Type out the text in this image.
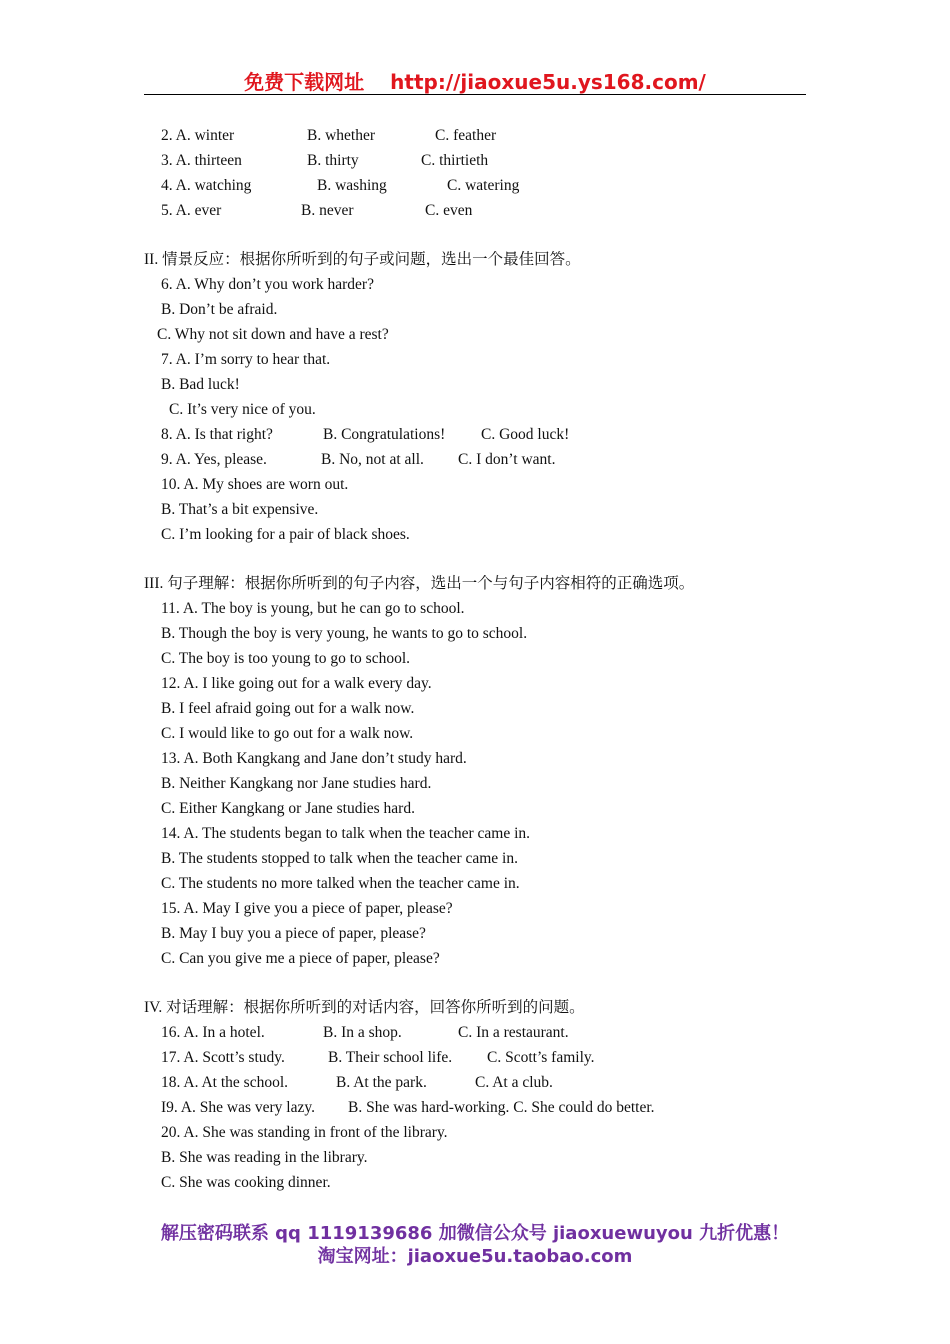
免费下载网址 http://jiaoxue5u.ys168.com/
2. A. winter	B. whether	C. feather
3. A. thirteen	B. thirty	C. thirtieth
4. A. watching	B. washing	C. watering
5. A. ever	B. never	C. even
II. 情景反应：根据你所听到的句子或问题，选出一个最佳回答。
6. A. Why don’t you work harder?
B. Don’t be afraid.
C. Why not sit down and have a rest?
7. A. I’m sorry to hear that.
B. Bad luck!
C. It’s very nice of you.
8. A. Is that right?	B. Congratulations! C. Good luck!
9. A. Yes, please.	B. No, not at all. C. I don’t want.
10. A. My shoes are worn out.
B. That’s a bit expensive.
C. I’m looking for a pair of black shoes.
III. 句子理解：根据你所听到的句子内容，选出一个与句子内容相符的正确选项。
11. A. The boy is young, but he can go to school.
B. Though the boy is very young, he wants to go to school.
C. The boy is too young to go to school.
12. A. I like going out for a walk every day.
B. I feel afraid going out for a walk now.
C. I would like to go out for a walk now.
13. A. Both Kangkang and Jane don’t study hard.
B. Neither Kangkang nor Jane studies hard.
C. Either Kangkang or Jane studies hard.
14. A. The students began to talk when the teacher came in.
B. The students stopped to talk when the teacher came in.
C. The students no more talked when the teacher came in.
15. A. May I give you a piece of paper, please?
B. May I buy you a piece of paper, please?
C. Can you give me a piece of paper, please?
IV. 对话理解：根据你所听到的对话内容，回答你所听到的问题。
16. A. In a hotel.	B. In a shop.	C. In a restaurant.
17. A. Scott’s study.	B. Their school life. C. Scott’s family.
18. A. At the school.	B. At the park.	C. At a club.
I9. A. She was very lazy. B. She was hard-working. C. She could do better.
20. A. She was standing in front of the library.
B. She was reading in the library.
C. She was cooking dinner.
解压密码联系 qq 1119139686 加微信公众号 jiaoxuewuyou 九折优惠！
淘宝网址：jiaoxue5u.taobao.com
